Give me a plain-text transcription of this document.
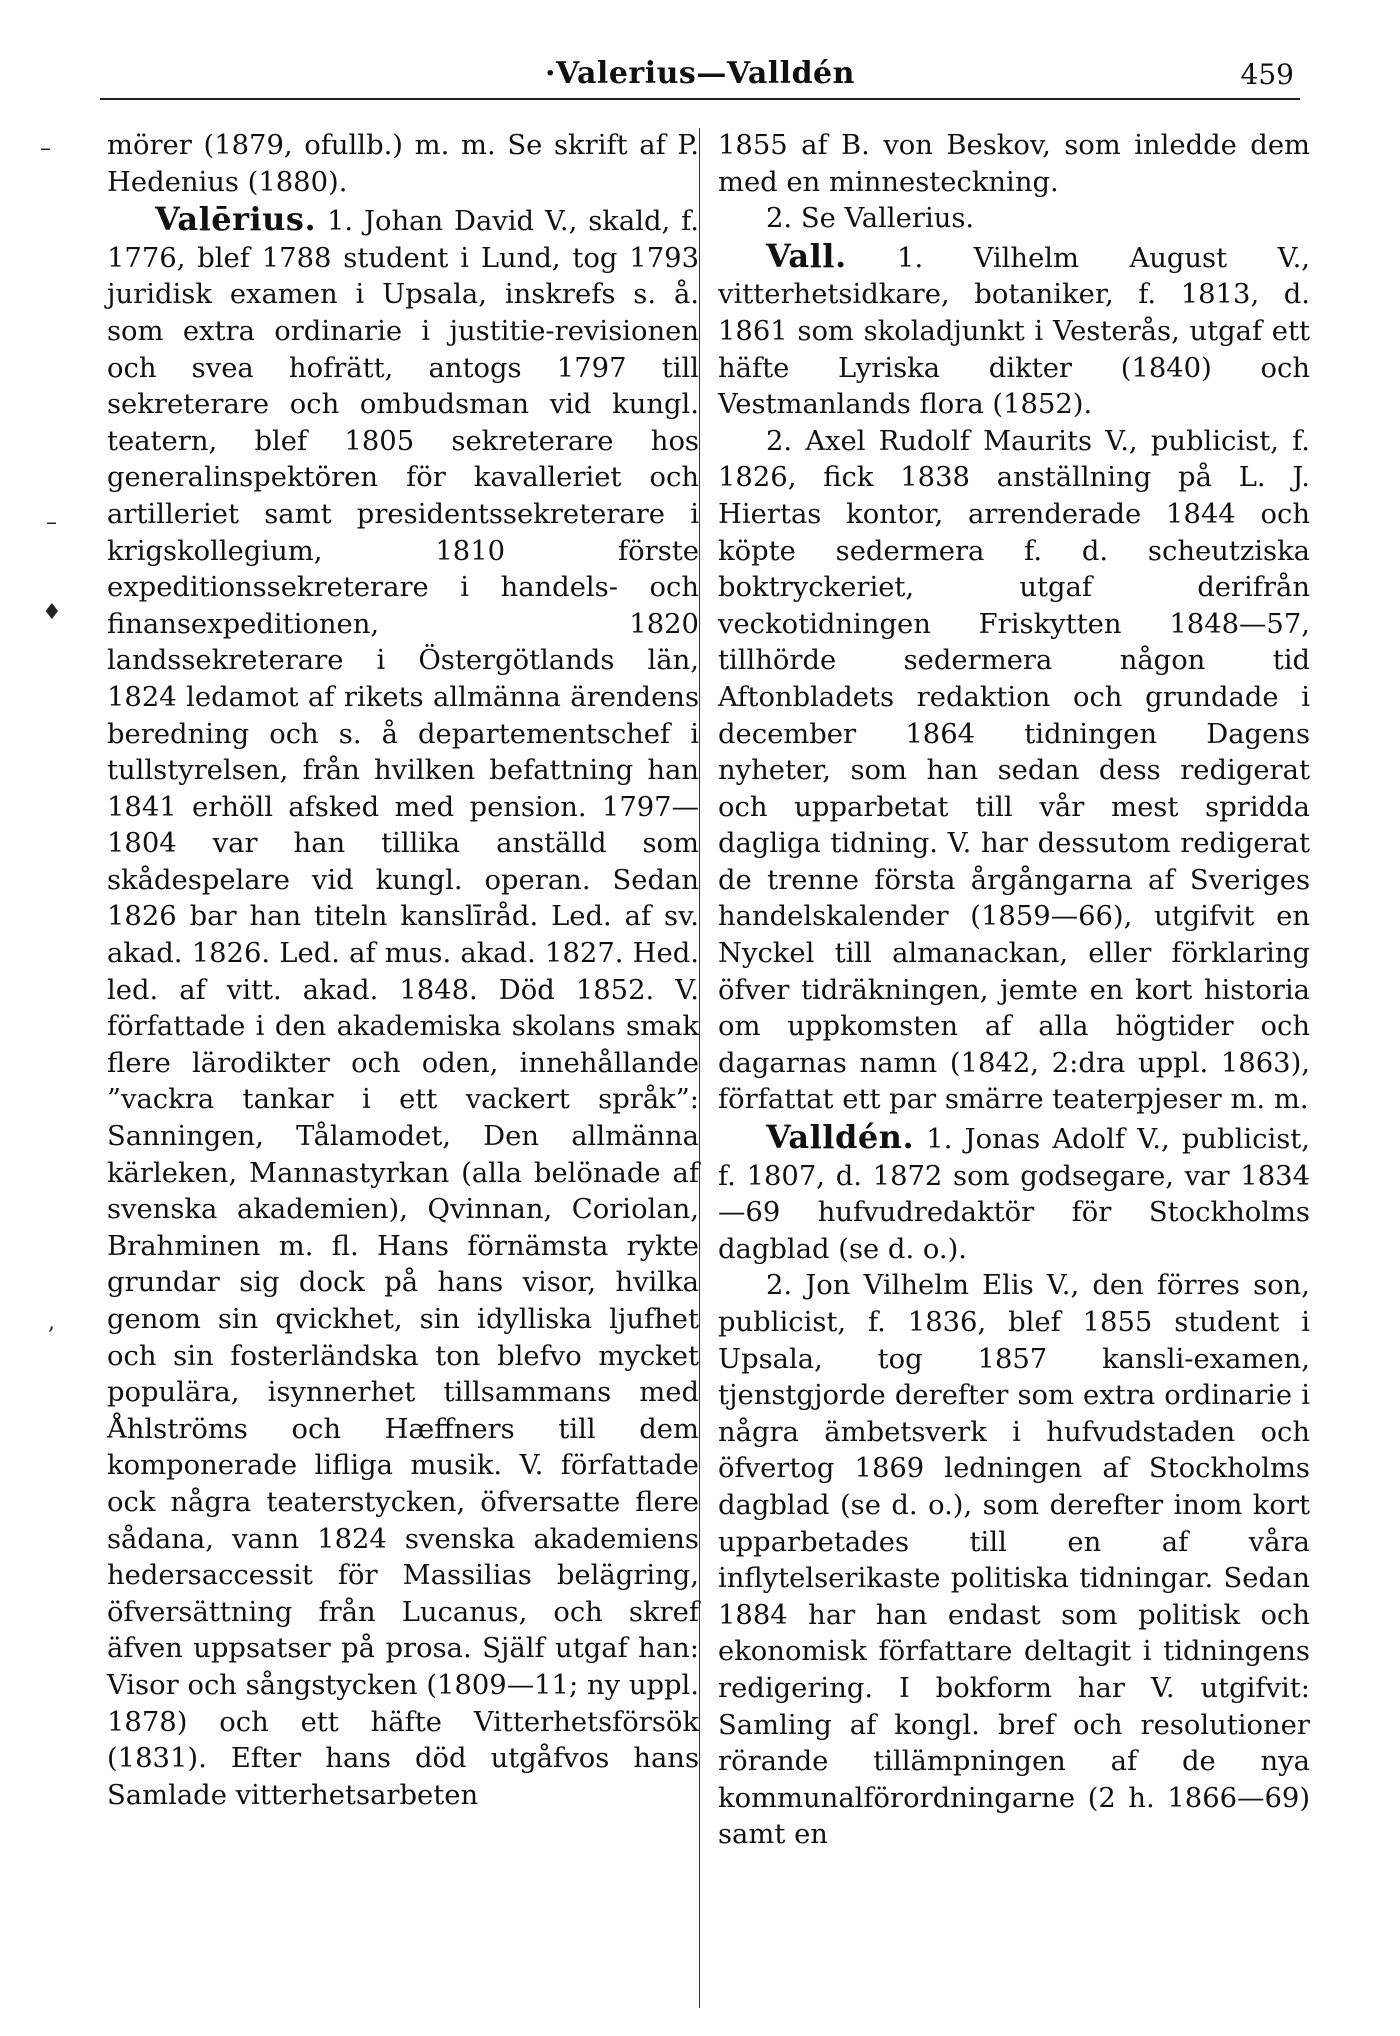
·Valerius—Valldén	459
–
–
♦
,

mörer (1879, ofullb.) m. m. Se skrift af P. Hedenius (1880).

Valērius. 1. Johan David V., skald, f. 1776, blef 1788 student i Lund, tog 1793 juridisk examen i Upsala, inskrefs s. å. som extra ordinarie i justitie-revisionen och svea hofrätt, antogs 1797 till sekreterare och ombudsman vid kungl. teatern, blef 1805 sekreterare hos generalinspektören för kavalleriet och artilleriet samt presidentssekreterare i krigskollegium, 1810 förste expeditionssekreterare i handels- och finansexpeditionen, 1820 landssekreterare i Östergötlands län, 1824 ledamot af rikets allmänna ärendens beredning och s. å departementschef i tullstyrelsen, från hvilken befattning han 1841 erhöll afsked med pension. 1797—1804 var han tillika anställd som skådespelare vid kungl. operan. Sedan 1826 bar han titeln kanslīråd. Led. af sv. akad. 1826. Led. af mus. akad. 1827. Hed. led. af vitt. akad. 1848. Död 1852. V. författade i den akademiska skolans smak flere lärodikter och oden, innehållande ”vackra tankar i ett vackert språk”: Sanningen, Tålamodet, Den allmänna kärleken, Mannastyrkan (alla belönade af svenska akademien), Qvinnan, Coriolan, Brahminen m. fl. Hans förnämsta rykte grundar sig dock på hans visor, hvilka genom sin qvickhet, sin idylliska ljufhet och sin fosterländska ton blefvo mycket populära, isynnerhet tillsammans med Åhlströms och Hæffners till dem komponerade lifliga musik. V. författade ock några teaterstycken, öfversatte flere sådana, vann 1824 svenska akademiens hedersaccessit för Massilias belägring, öfversättning från Lucanus, och skref äfven uppsatser på prosa. Själf utgaf han: Visor och sångstycken (1809—11; ny uppl. 1878) och ett häfte Vitterhetsförsök (1831). Efter hans död utgåfvos hans Samlade vitterhetsarbeten

1855 af B. von Beskov, som inledde dem med en minnesteckning.

2. Se Vallerius.

Vall. 1. Vilhelm August V., vitterhetsidkare, botaniker, f. 1813, d. 1861 som skoladjunkt i Vesterås, utgaf ett häfte Lyriska dikter (1840) och Vestmanlands flora (1852).

2. Axel Rudolf Maurits V., publicist, f. 1826, fick 1838 anställning på L. J. Hiertas kontor, arrenderade 1844 och köpte sedermera f. d. scheutziska boktryckeriet, utgaf derifrån veckotidningen Friskytten 1848—57, tillhörde sedermera någon tid Aftonbladets redaktion och grundade i december 1864 tidningen Dagens nyheter, som han sedan dess redigerat och upparbetat till vår mest spridda dagliga tidning. V. har dessutom redigerat de trenne första årgångarna af Sveriges handelskalender (1859—66), utgifvit en Nyckel till almanackan, eller förklaring öfver tidräkningen, jemte en kort historia om uppkomsten af alla högtider och dagarnas namn (1842, 2:dra uppl. 1863), författat ett par smärre teaterpjeser m. m.

Valldén. 1. Jonas Adolf V., publicist, f. 1807, d. 1872 som godsegare, var 1834—69 hufvudredaktör för Stockholms dagblad (se d. o.).

2. Jon Vilhelm Elis V., den förres son, publicist, f. 1836, blef 1855 student i Upsala, tog 1857 kansli-examen, tjenstgjorde derefter som extra ordinarie i några ämbetsverk i hufvudstaden och öfvertog 1869 ledningen af Stockholms dagblad (se d. o.), som derefter inom kort upparbetades till en af våra inflytelserikaste politiska tidningar. Sedan 1884 har han endast som politisk och ekonomisk författare deltagit i tidningens redigering. I bokform har V. utgifvit: Samling af kongl. bref och resolutioner rörande tillämpningen af de nya kommunalförordningarne (2 h. 1866—69) samt en
